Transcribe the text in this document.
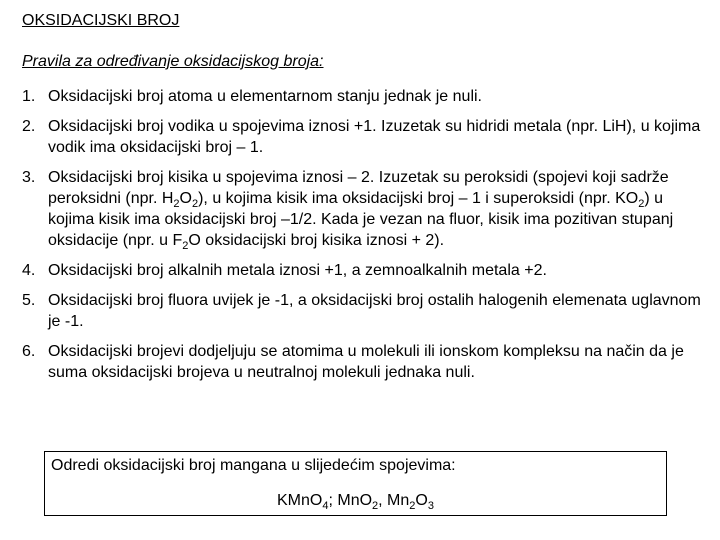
OKSIDACIJSKI BROJ
Pravila za određivanje oksidacijskog broja:
1. Oksidacijski broj atoma u elementarnom stanju jednak je nuli.
2. Oksidacijski broj vodika u spojevima iznosi +1. Izuzetak su hidridi metala (npr. LiH), u kojima vodik ima oksidacijski broj – 1.
3. Oksidacijski broj kisika u spojevima iznosi – 2. Izuzetak su peroksidi (spojevi koji sadrže peroksidni (npr. $H_2O_2$), u kojima kisik ima oksidacijski broj – 1 i superoksidi (npr. $KO_2$) u kojima kisik ima oksidacijski broj –1/2. Kada je vezan na fluor, kisik ima pozitivan stupanj oksidacije (npr. u $F_2O$ oksidacijski broj kisika iznosi + 2).
4. Oksidacijski broj alkalnih metala iznosi +1, a zemnoalkalnih metala +2.
5. Oksidacijski broj fluora uvijek je -1, a oksidacijski broj ostalih halogenih elemenata uglavnom je -1.
6. Oksidacijski brojevi dodjeljuju se atomima u molekuli ili ionskom kompleksu na način da je suma oksidacijski brojeva u neutralnoj molekuli jednaka nuli.
Odredi oksidacijski broj mangana u slijedećim spojevima:
KMnO$_4$; MnO$_2$, $Mn_2O_3$
